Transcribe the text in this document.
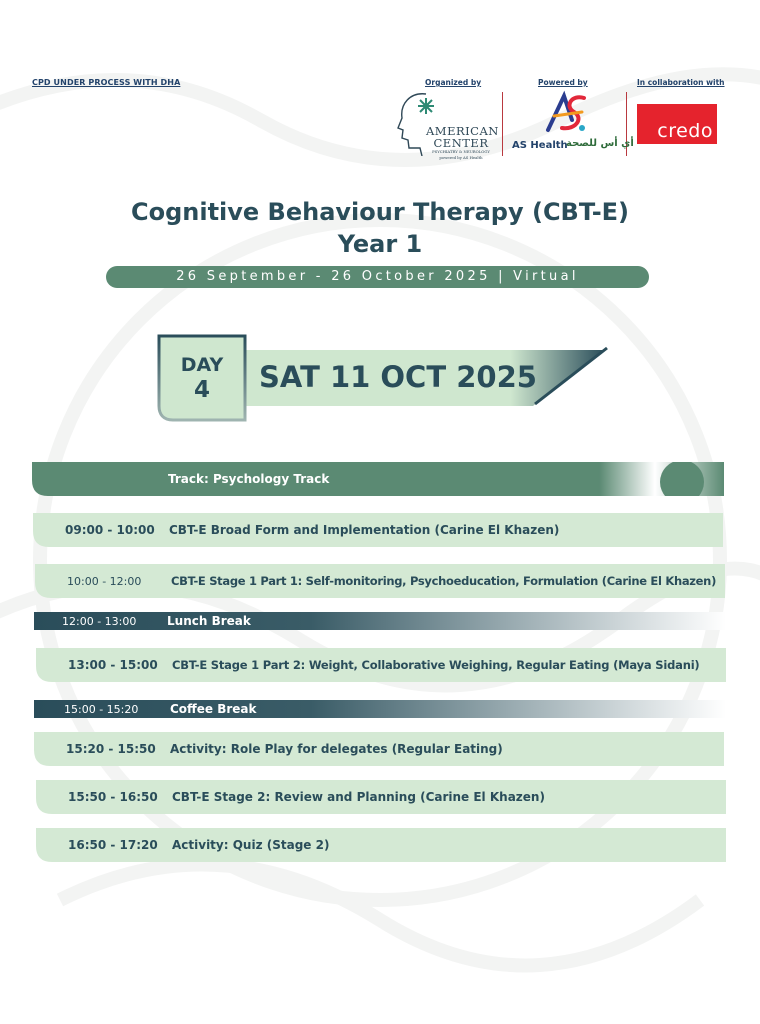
CPD UNDER PROCESS WITH DHA	Organized by	Powered by	In collaboration with
AMERICAN
CENTER
PSYCHIATRY & NEUROLOGY
powered by AS Health
AS Health
أي أس للصحة
credo
Cognitive Behaviour Therapy (CBT-E)
Year 1
26 September - 26 October 2025 | Virtual
DAY
4	SAT 11 OCT 2025
Track: Psychology Track
09:00 - 10:00 CBT-E Broad Form and Implementation (Carine El Khazen)
10:00 - 12:00	CBT-E Stage 1 Part 1: Self-monitoring, Psychoeducation, Formulation (Carine El Khazen)
12:00 - 13:00	Lunch Break
13:00 - 15:00 CBT-E Stage 1 Part 2: Weight, Collaborative Weighing, Regular Eating (Maya Sidani)
15:00 - 15:20	Coffee Break
15:20 - 15:50 Activity: Role Play for delegates (Regular Eating)
15:50 - 16:50 CBT-E Stage 2: Review and Planning (Carine El Khazen)
16:50 - 17:20 Activity: Quiz (Stage 2)
